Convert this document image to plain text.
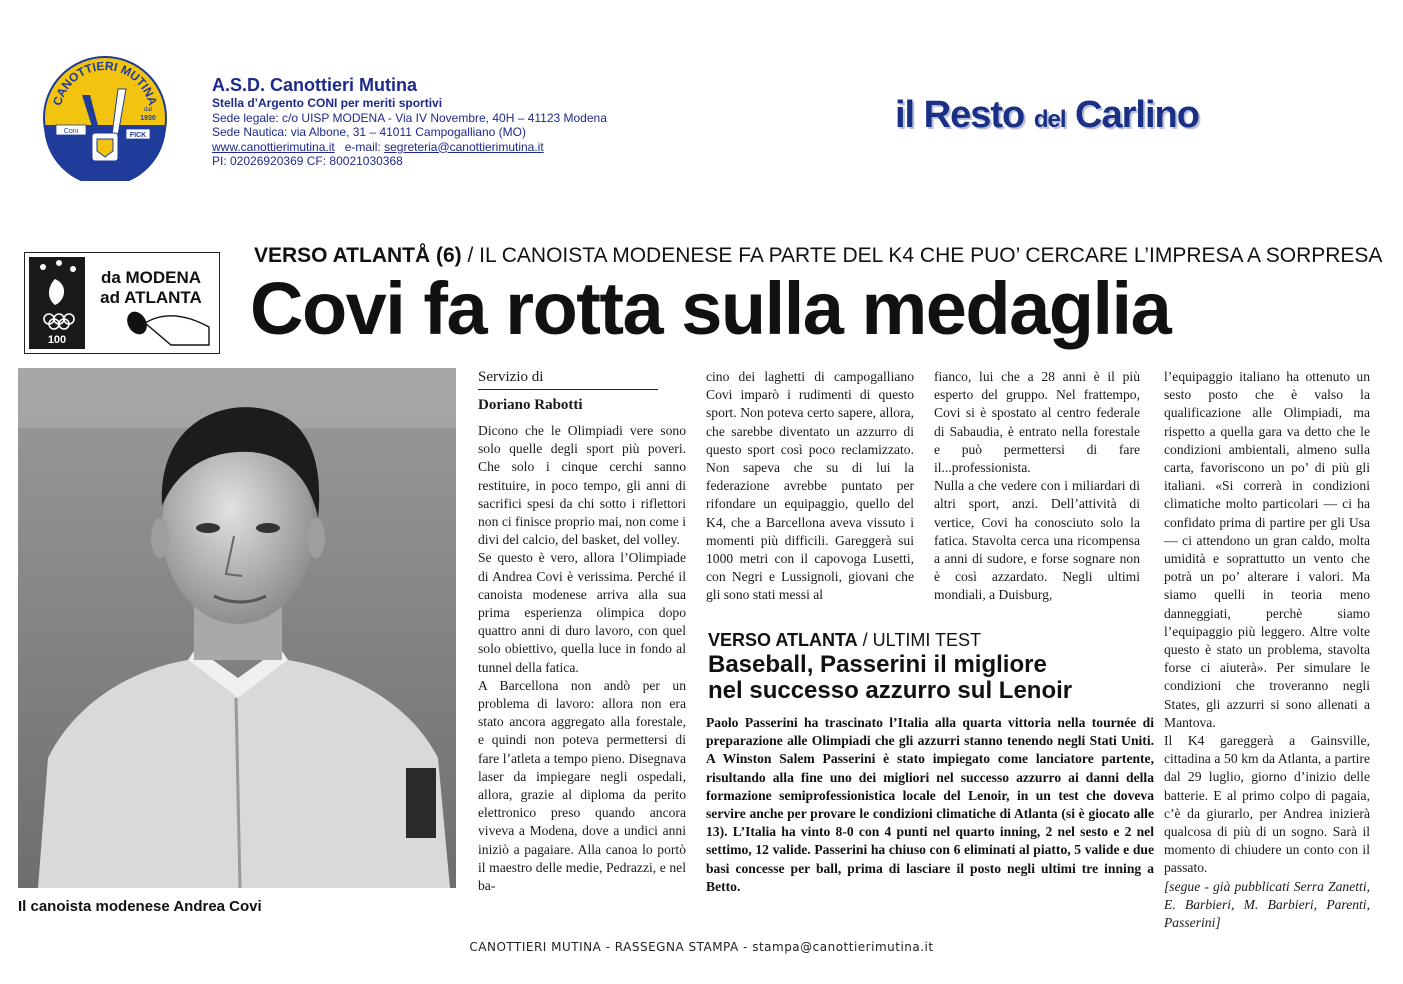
CANOTTIERI MUTINA
Coni
FICK
dal
1930
A.S.D. Canottieri Mutina
Stella d’Argento CONI per meriti sportivi
Sede legale: c/o UISP MODENA - Via IV Novembre, 40H – 41123 Modena
Sede Nautica: via Albone, 31 – 41011 Campogalliano (MO)
www.canottierimutina.it e-mail: segreteria@canottierimutina.it
PI: 02026920369 CF: 80021030368
il Resto del Carlino
100
da MODENA
ad ATLANTA
VERSO ATLANTÅ (6) / IL CANOISTA MODENESE FA PARTE DEL K4 CHE PUO’ CERCARE L’IMPRESA A SORPRESA
Covi fa rotta sulla medaglia
Il canoista modenese Andrea Covi
Servizio di
Doriano Rabotti

Dicono che le Olimpiadi vere sono solo quelle degli sport più poveri. Che solo i cinque cerchi sanno restituire, in poco tempo, gli anni di sacrifici spesi da chi sotto i riflettori non ci finisce proprio mai, non come i divi del calcio, del basket, del volley.

Se questo è vero, allora l’Olimpiade di Andrea Covi è verissima. Perché il canoista modenese arriva alla sua prima esperienza olimpica dopo quattro anni di duro lavoro, con quel solo obiettivo, quella luce in fondo al tunnel della fatica.

A Barcellona non andò per un problema di lavoro: allora non era stato ancora aggregato alla forestale, e quindi non poteva permettersi di fare l’atleta a tempo pieno. Disegnava laser da impiegare negli ospedali, allora, grazie al diploma da perito elettronico preso quando ancora viveva a Modena, dove a undici anni iniziò a pagaiare. Alla canoa lo portò il maestro delle medie, Pedrazzi, e nel ba-

cino dei laghetti di campogalliano Covi imparò i rudimenti di questo sport. Non poteva certo sapere, allora, che sarebbe diventato un azzurro di questo sport così poco reclamizzato. Non sapeva che su di lui la federazione avrebbe puntato per rifondare un equipaggio, quello del K4, che a Barcellona aveva vissuto i momenti più difficili. Gareggerà sui 1000 metri con il capovoga Lusetti, con Negri e Lussignoli, giovani che gli sono stati messi al

fianco, lui che a 28 anni è il più esperto del gruppo. Nel frattempo, Covi si è spostato al centro federale di Sabaudia, è entrato nella forestale e può permettersi di fare il...professionista.

Nulla a che vedere con i miliardari di altri sport, anzi. Dell’attività di vertice, Covi ha conosciuto solo la fatica. Stavolta cerca una ricompensa a anni di sudore, e forse sognare non è così azzardato. Negli ultimi mondiali, a Duisburg,

l’equipaggio italiano ha ottenuto un sesto posto che è valso la qualificazione alle Olimpiadi, ma rispetto a quella gara va detto che le condizioni ambientali, almeno sulla carta, favoriscono un po’ di più gli italiani. «Si correrà in condizioni climatiche molto particolari — ci ha confidato prima di partire per gli Usa — ci attendono un gran caldo, molta umidità e soprattutto un vento che potrà un po’ alterare i valori. Ma siamo quelli in teoria meno danneggiati, perchè siamo l’equipaggio più leggero. Altre volte questo è stato un problema, stavolta forse ci aiuterà». Per simulare le condizioni che troveranno negli States, gli azzurri si sono allenati a Mantova.

Il K4 gareggerà a Gainsville, cittadina a 50 km da Atlanta, a partire dal 29 luglio, giorno d’inizio delle batterie. E al primo colpo di pagaia, c’è da giurarlo, per Andrea inizierà qualcosa di più di un sogno. Sarà il momento di chiudere un conto con il passato.

[segue - già pubblicati Serra Zanetti, E. Barbieri, M. Barbieri, Parenti, Passerini]

VERSO ATLANTA / ULTIMI TEST
Baseball, Passerini il migliore
nel successo azzurro sul Lenoir
Paolo Passerini ha trascinato l’Italia alla quarta vittoria nella tournée di preparazione alle Olimpiadi che gli azzurri stanno tenendo negli Stati Uniti. A Winston Salem Passerini è stato impiegato come lanciatore partente, risultando alla fine uno dei migliori nel successo azzurro ai danni della formazione semiprofessionistica locale del Lenoir, in un test che doveva servire anche per provare le condizioni climatiche di Atlanta (si è giocato alle 13). L’Italia ha vinto 8-0 con 4 punti nel quarto inning, 2 nel sesto e 2 nel settimo, 12 valide. Passerini ha chiuso con 6 eliminati al piatto, 5 valide e due basi concesse per ball, prima di lasciare il posto negli ultimi tre inning a Betto.
CANOTTIERI MUTINA - RASSEGNA STAMPA - stampa@canottierimutina.it
